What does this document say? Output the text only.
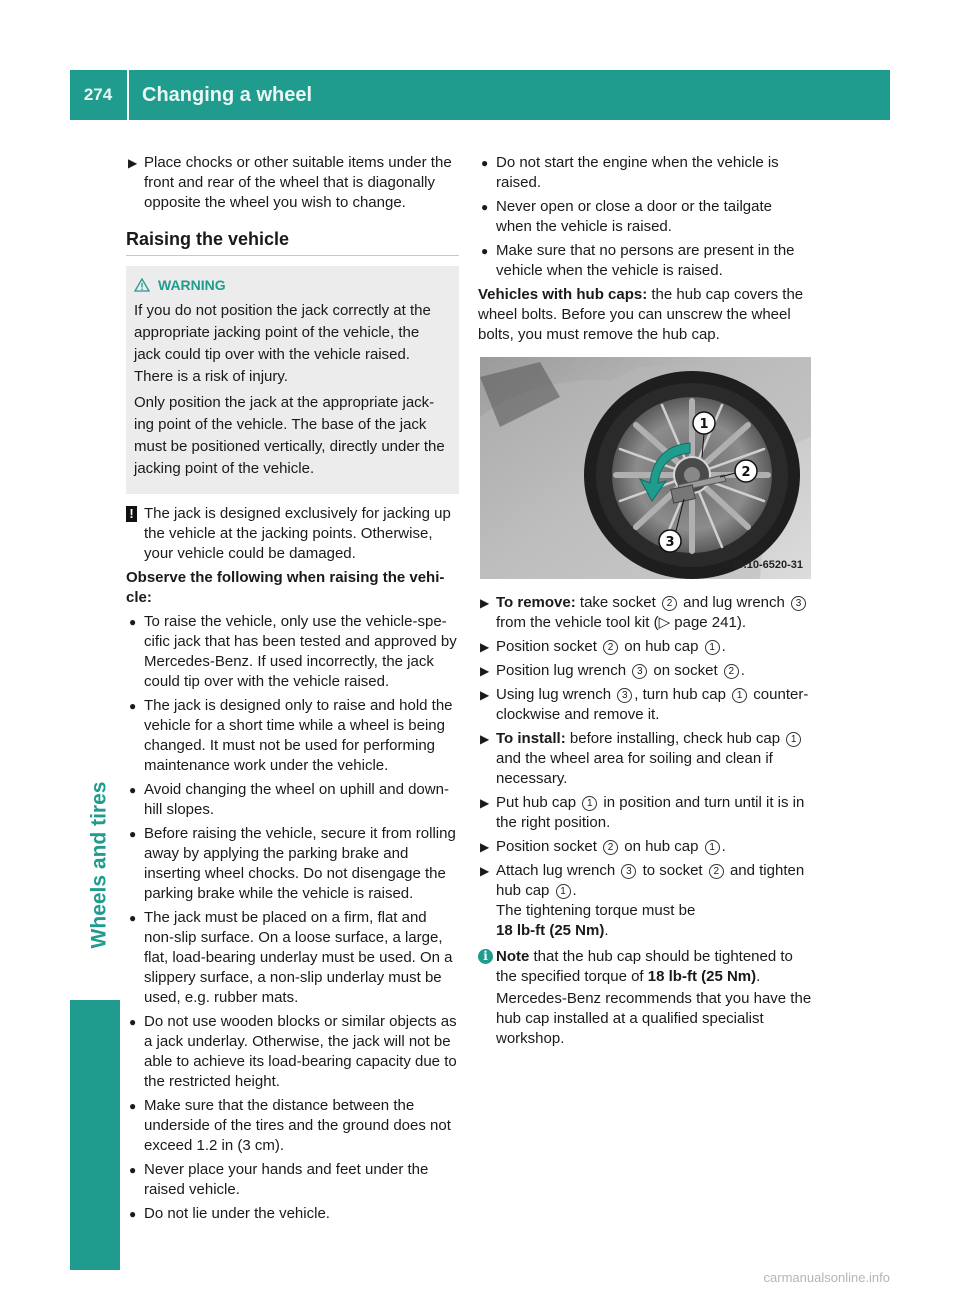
274	Changing a wheel
Wheels and tires
▶ Place chocks or other suitable items under the front and rear of the wheel that is diagonally opposite the wheel you wish to change.
Raising the vehicle
WARNING

If you do not position the jack correctly at the appropriate jacking point of the vehicle, the jack could tip over with the vehicle raised. There is a risk of injury.

Only position the jack at the appropriate jacking point of the vehicle. The base of the jack must be positioned vertically, directly under the jacking point of the vehicle.

! The jack is designed exclusively for jacking up the vehicle at the jacking points. Otherwise, your vehicle could be damaged.

Observe the following when raising the vehicle:

● To raise the vehicle, only use the vehicle-specific jack that has been tested and approved by Mercedes-Benz. If used incorrectly, the jack could tip over with the vehicle raised.
● The jack is designed only to raise and hold the vehicle for a short time while a wheel is being changed. It must not be used for performing maintenance work under the vehicle.
● Avoid changing the wheel on uphill and downhill slopes.
● Before raising the vehicle, secure it from rolling away by applying the parking brake and inserting wheel chocks. Do not disengage the parking brake while the vehicle is raised.
● The jack must be placed on a firm, flat and non-slip surface. On a loose surface, a large, flat, load-bearing underlay must be used. On a slippery surface, a non-slip underlay must be used, e.g. rubber mats.
● Do not use wooden blocks or similar objects as a jack underlay. Otherwise, the jack will not be able to achieve its load-bearing capacity due to the restricted height.
● Make sure that the distance between the underside of the tires and the ground does not exceed 1.2 in (3 cm).
● Never place your hands and feet under the raised vehicle.
● Do not lie under the vehicle.
● Do not start the engine when the vehicle is raised.
● Never open or close a door or the tailgate when the vehicle is raised.
● Make sure that no persons are present in the vehicle when the vehicle is raised.

Vehicles with hub caps: the hub cap covers the wheel bolts. Before you can unscrew the wheel bolts, you must remove the hub cap.

1
2
3
P40.10-6520-31
▶ To remove: take socket 2 and lug wrench 3 from the vehicle tool kit (▷ page 241).
▶ Position socket 2 on hub cap 1 .
▶ Position lug wrench 3 on socket 2 .
▶ Using lug wrench 3 , turn hub cap 1 counter-clockwise and remove it.
▶ To install: before installing, check hub cap 1 and the wheel area for soiling and clean if necessary.
▶ Put hub cap 1 in position and turn until it is in the right position.
▶ Position socket 2 on hub cap 1 .
▶ Attach lug wrench 3 to socket 2 and tighten hub cap 1 .
The tightening torque must be
18 lb-ft (25 Nm).
i Note that the hub cap should be tightened to the specified torque of 18 lb-ft (25 Nm).
Mercedes-Benz recommends that you have the hub cap installed at a qualified specialist workshop.
carmanualsonline.info
